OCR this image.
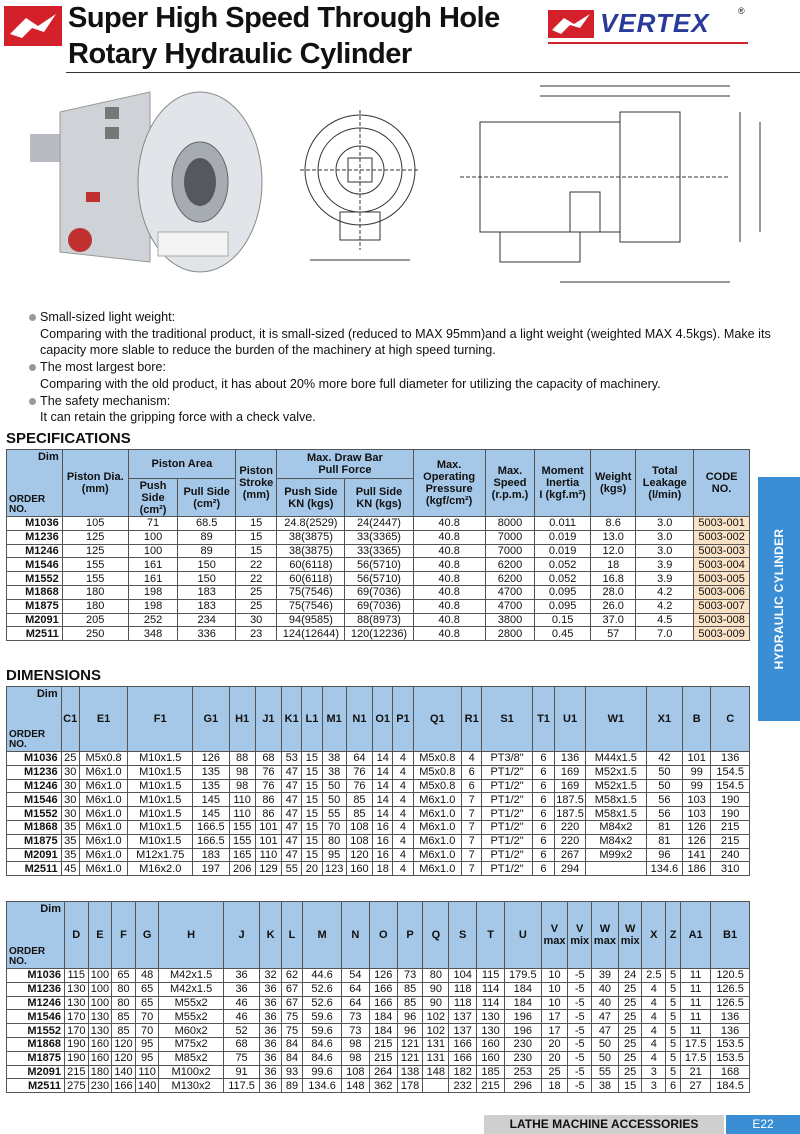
Super High Speed Through Hole
Rotary Hydraulic Cylinder
VERTEX	®
Small-sized light weight:
Comparing with the traditional product, it is small-sized (reduced to MAX 95mm)and a light weight (weighted MAX 4.5kgs). Make its capacity more slable to reduce the burden of the machinery at high speed turning.
The most largest bore:
Comparing with the old product, it has about 20% more bore full diameter for utilizing the capacity of machinery.
The safety mechanism:
It can retain the gripping force with a check valve.
SPECIFICATIONS
Dim
ORDER
NO.	Piston Dia.
(mm)	Piston Area		Piston
Stroke
(mm)	Max. Draw Bar
Pull Force		Max.
Operating
Pressure
(kgf/cm²)	Max.
Speed
(r.p.m.)	Moment
Inertia
I (kgf.m²)	Weight
(kgs)	Total
Leakage
(l/min)	CODE
NO.
		Push
Side
(cm²)	Pull Side
(cm²)		Push Side
KN (kgs)	Pull Side
KN (kgs)						
M1036	105	71	68.5	15	24.8(2529)	24(2447)	40.8	8000	0.011	8.6	3.0	5003-001
M1236	125	100	89	15	38(3875)	33(3365)	40.8	7000	0.019	13.0	3.0	5003-002
M1246	125	100	89	15	38(3875)	33(3365)	40.8	7000	0.019	12.0	3.0	5003-003
M1546	155	161	150	22	60(6118)	56(5710)	40.8	6200	0.052	18	3.9	5003-004
M1552	155	161	150	22	60(6118)	56(5710)	40.8	6200	0.052	16.8	3.9	5003-005
M1868	180	198	183	25	75(7546)	69(7036)	40.8	4700	0.095	28.0	4.2	5003-006
M1875	180	198	183	25	75(7546)	69(7036)	40.8	4700	0.095	26.0	4.2	5003-007
M2091	205	252	234	30	94(9585)	88(8973)	40.8	3800	0.15	37.0	4.5	5003-008
M2511	250	348	336	23	124(12644)	120(12236)	40.8	2800	0.45	57	7.0	5003-009
DIMENSIONS
Dim
ORDER
NO.	C1	E1	F1	G1	H1	J1	K1	L1	M1	N1	O1	P1	Q1	R1	S1	T1	U1	W1	X1	B	C
M1036	25	M5x0.8	M10x1.5	126	88	68	53	15	38	64	14	4	M5x0.8	4	PT3/8"	6	136	M44x1.5	42	101	136
M1236	30	M6x1.0	M10x1.5	135	98	76	47	15	38	76	14	4	M5x0.8	6	PT1/2"	6	169	M52x1.5	50	99	154.5
M1246	30	M6x1.0	M10x1.5	135	98	76	47	15	50	76	14	4	M5x0.8	6	PT1/2"	6	169	M52x1.5	50	99	154.5
M1546	30	M6x1.0	M10x1.5	145	110	86	47	15	50	85	14	4	M6x1.0	7	PT1/2"	6	187.5	M58x1.5	56	103	190
M1552	30	M6x1.0	M10x1.5	145	110	86	47	15	55	85	14	4	M6x1.0	7	PT1/2"	6	187.5	M58x1.5	56	103	190
M1868	35	M6x1.0	M10x1.5	166.5	155	101	47	15	70	108	16	4	M6x1.0	7	PT1/2"	6	220	M84x2	81	126	215
M1875	35	M6x1.0	M10x1.5	166.5	155	101	47	15	80	108	16	4	M6x1.0	7	PT1/2"	6	220	M84x2	81	126	215
M2091	35	M6x1.0	M12x1.75	183	165	110	47	15	95	120	16	4	M6x1.0	7	PT1/2"	6	267	M99x2	96	141	240
M2511	45	M6x1.0	M16x2.0	197	206	129	55	20	123	160	18	4	M6x1.0	7	PT1/2"	6	294		134.6	186	310
Dim
ORDER
NO.	D	E	F	G	H	J	K	L	M	N	O	P	Q	S	T	U	V
max	V
mix	W
max	W
mix	X	Z	A1	B1
M1036	115	100	65	48	M42x1.5	36	32	62	44.6	54	126	73	80	104	115	179.5	10	-5	39	24	2.5	5	11	120.5
M1236	130	100	80	65	M42x1.5	36	36	67	52.6	64	166	85	90	118	114	184	10	-5	40	25	4	5	11	126.5
M1246	130	100	80	65	M55x2	46	36	67	52.6	64	166	85	90	118	114	184	10	-5	40	25	4	5	11	126.5
M1546	170	130	85	70	M55x2	46	36	75	59.6	73	184	96	102	137	130	196	17	-5	47	25	4	5	11	136
M1552	170	130	85	70	M60x2	52	36	75	59.6	73	184	96	102	137	130	196	17	-5	47	25	4	5	11	136
M1868	190	160	120	95	M75x2	68	36	84	84.6	98	215	121	131	166	160	230	20	-5	50	25	4	5	17.5	153.5
M1875	190	160	120	95	M85x2	75	36	84	84.6	98	215	121	131	166	160	230	20	-5	50	25	4	5	17.5	153.5
M2091	215	180	140	110	M100x2	91	36	93	99.6	108	264	138	148	182	185	253	25	-5	55	25	3	5	21	168
M2511	275	230	166	140	M130x2	117.5	36	89	134.6	148	362	178		232	215	296	18	-5	38	15	3	6	27	184.5
HYDRAULIC CYLINDER
LATHE MACHINE ACCESSORIES	E22
